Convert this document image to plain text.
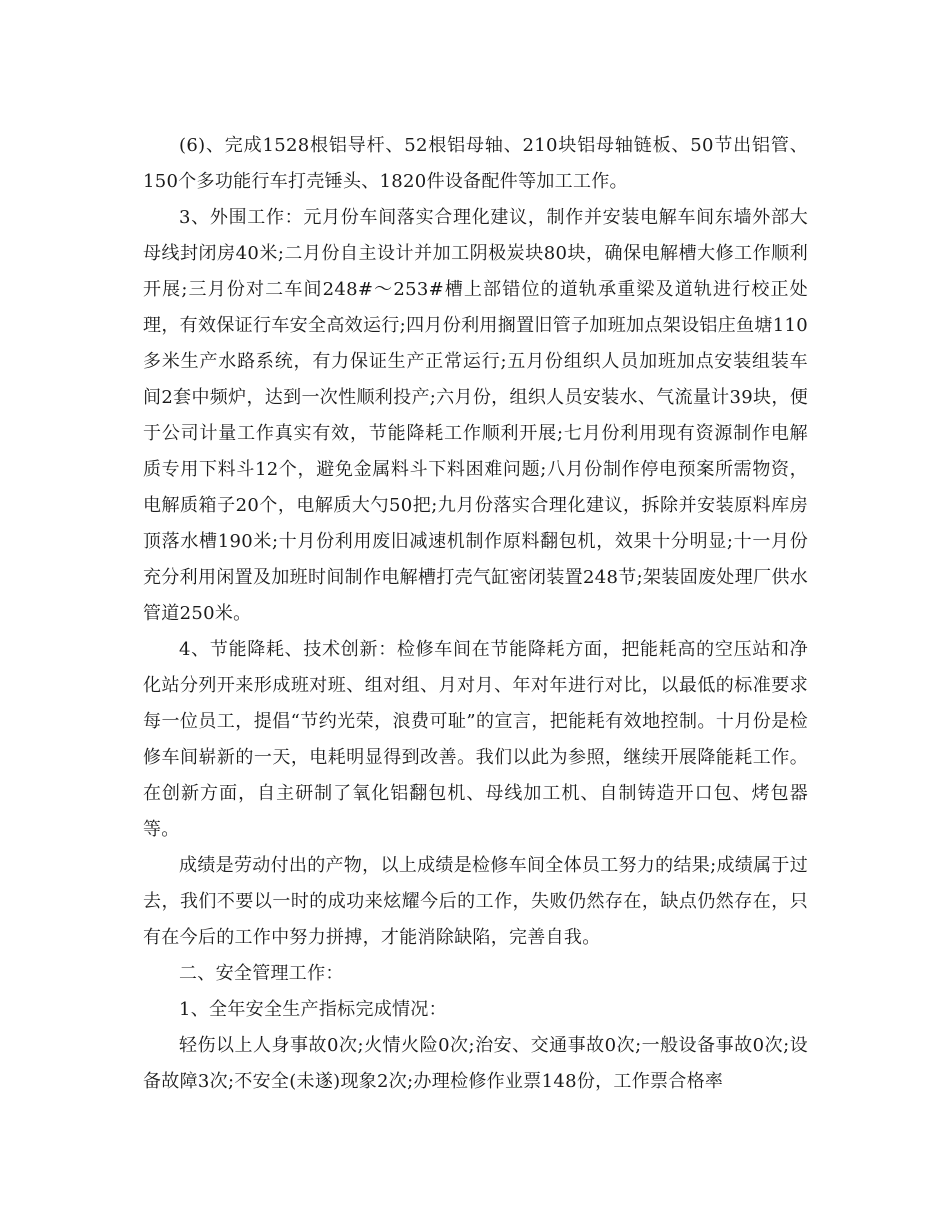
(6)、完成1528根铝导杆、52根铝母轴、210块铝母轴链板、50节出铝管、150个多功能行车打壳锤头、1820件设备配件等加工工作。

3、外围工作：元月份车间落实合理化建议，制作并安装电解车间东墙外部大母线封闭房40米;二月份自主设计并加工阴极炭块80块，确保电解槽大修工作顺利开展;三月份对二车间248#～253#槽上部错位的道轨承重梁及道轨进行校正处理，有效保证行车安全高效运行;四月份利用搁置旧管子加班加点架设铝庄鱼塘110多米生产水路系统，有力保证生产正常运行;五月份组织人员加班加点安装组装车间2套中频炉，达到一次性顺利投产;六月份，组织人员安装水、气流量计39块，便于公司计量工作真实有效，节能降耗工作顺利开展;七月份利用现有资源制作电解质专用下料斗12个，避免金属料斗下料困难问题;八月份制作停电预案所需物资，电解质箱子20个，电解质大勺50把;九月份落实合理化建议，拆除并安装原料库房顶落水槽190米;十月份利用废旧减速机制作原料翻包机，效果十分明显;十一月份充分利用闲置及加班时间制作电解槽打壳气缸密闭装置248节;架装固废处理厂供水管道250米。

4、节能降耗、技术创新：检修车间在节能降耗方面，把能耗高的空压站和净化站分列开来形成班对班、组对组、月对月、年对年进行对比，以最低的标准要求每一位员工，提倡“节约光荣，浪费可耻”的宣言，把能耗有效地控制。十月份是检修车间崭新的一天，电耗明显得到改善。我们以此为参照，继续开展降能耗工作。在创新方面，自主研制了氧化铝翻包机、母线加工机、自制铸造开口包、烤包器等。

成绩是劳动付出的产物，以上成绩是检修车间全体员工努力的结果;成绩属于过去，我们不要以一时的成功来炫耀今后的工作，失败仍然存在，缺点仍然存在，只有在今后的工作中努力拼搏，才能消除缺陷，完善自我。

二、安全管理工作：

1、全年安全生产指标完成情况：

轻伤以上人身事故0次;火情火险0次;治安、交通事故0次;一般设备事故0次;设备故障3次;不安全(未遂)现象2次;办理检修作业票148份，工作票合格率
